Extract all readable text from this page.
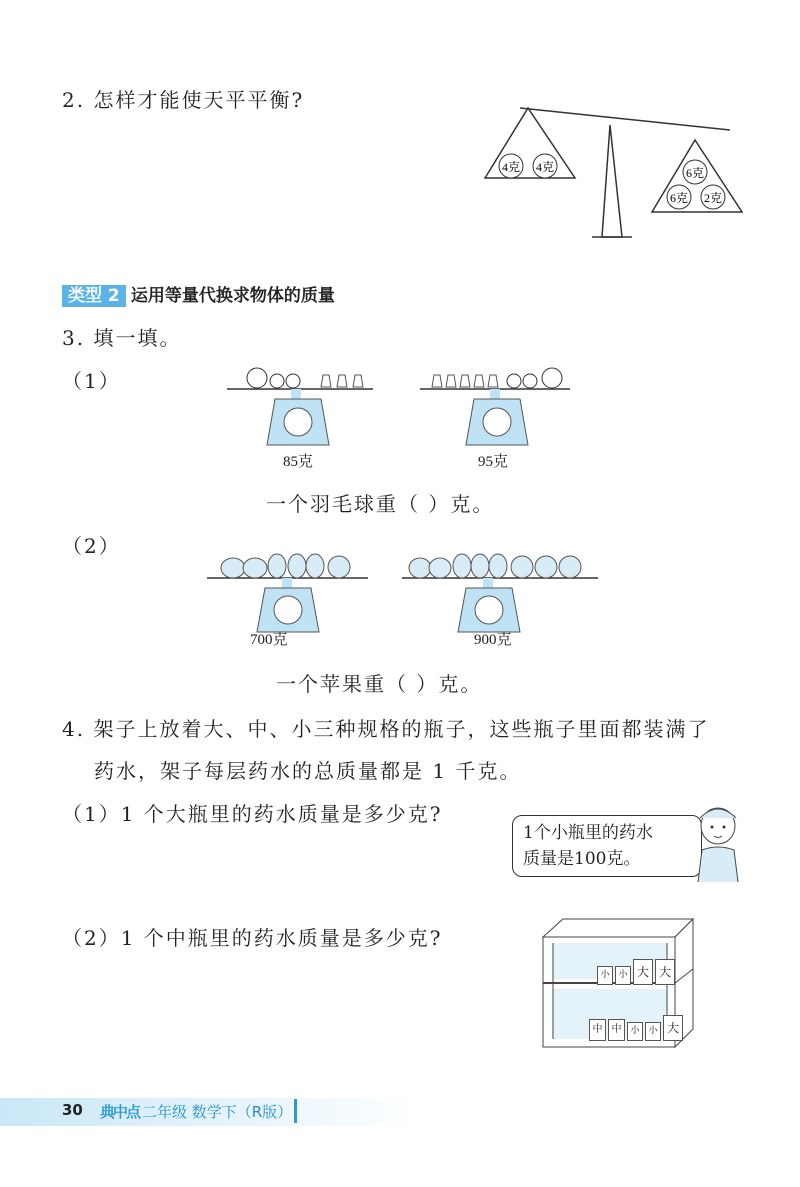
2. 怎样才能使天平平衡?
4克 4克	6克
6克 2克
类型 2 运用等量代换求物体的质量
3. 填一填。
（1）
85克	95克
一个羽毛球重（ ）克。
（2）
700克	900克
一个苹果重（ ）克。
4. 架子上放着大、中、小三种规格的瓶子，这些瓶子里面都装满了
药水，架子每层药水的总质量都是 1 千克。
（1）1 个大瓶里的药水质量是多少克?
1个小瓶里的药水
质量是100克。
（2）1 个中瓶里的药水质量是多少克?
小 小 大 大
中 中 小 小 大
30 典中点 二年级 数学下（R版）
